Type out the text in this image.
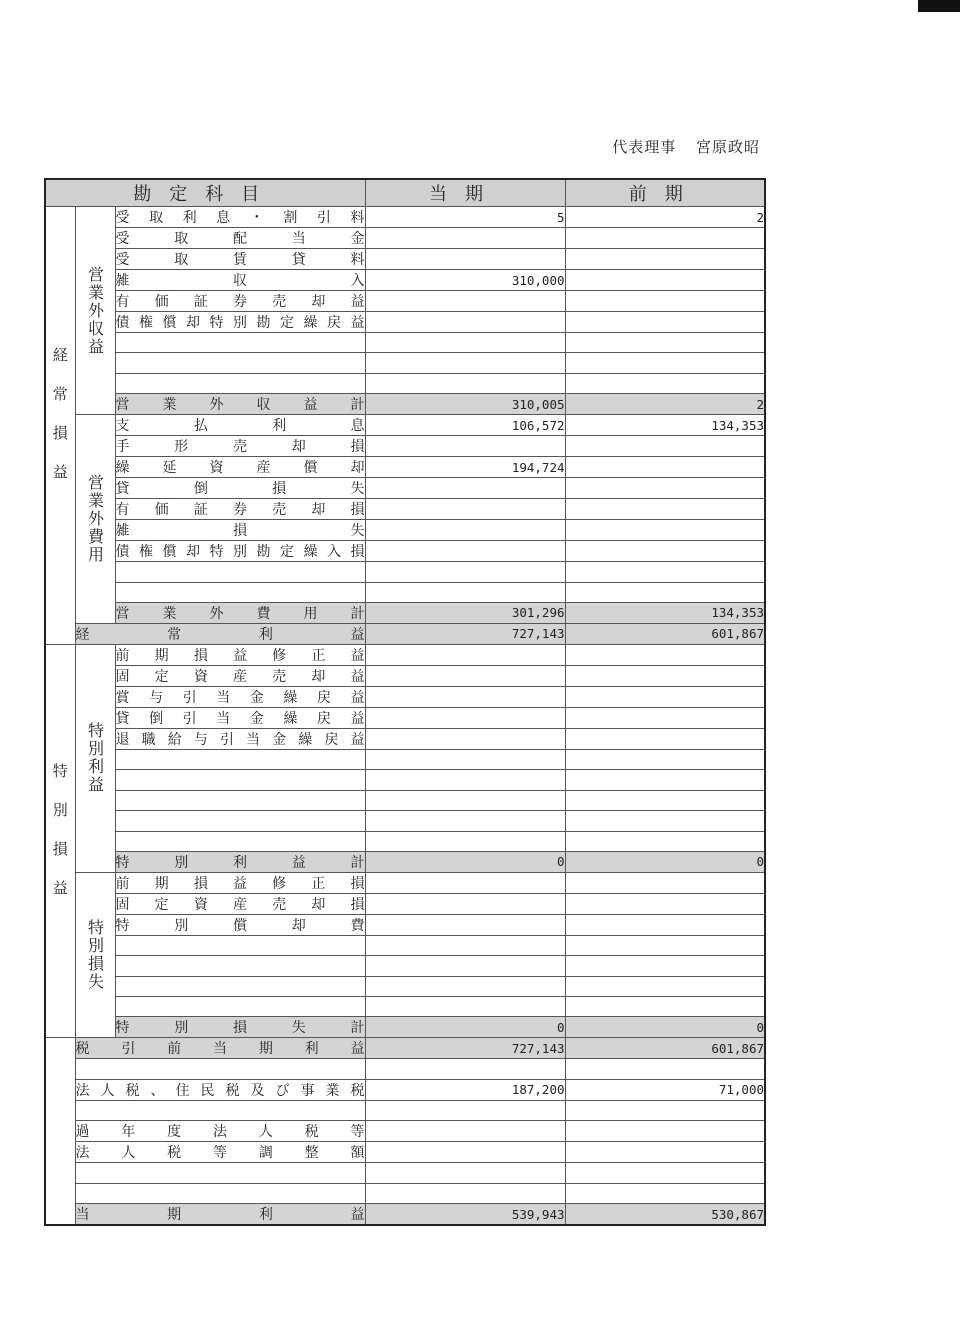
代表理事 宮原政昭
勘定科目			当期	前期
経常損益	営業外収益	受取利息・割引料	5	2
		受取配当金		
		受取賃貸料		
		雑収入	310,000	
		有価証券売却益		
		債権償却特別勘定繰戻益		

		営業外収益計	310,005	2
	営業外費用	支払利息	106,572	134,353
		手形売却損		
		繰延資産償却	194,724	
		貸倒損失		
		有価証券売却損		
		雑損失		
		債権償却特別勘定繰入損		

		営業外費用計	301,296	134,353
	経常利益		727,143	601,867
特別損益	特別利益	前期損益修正益		
		固定資産売却益		
		賞与引当金繰戻益		
		貸倒引当金繰戻益		
		退職給与引当金繰戻益		

		特別利益計	0	0
	特別損失	前期損益修正損		
		固定資産売却損		
		特別償却費		

		特別損失計	0	0
	税引前当期利益		727,143	601,867

	法人税、住民税及び事業税		187,200	71,000

	過年度法人税等			
	法人税等調整額			

	当期利益		539,943	530,867
